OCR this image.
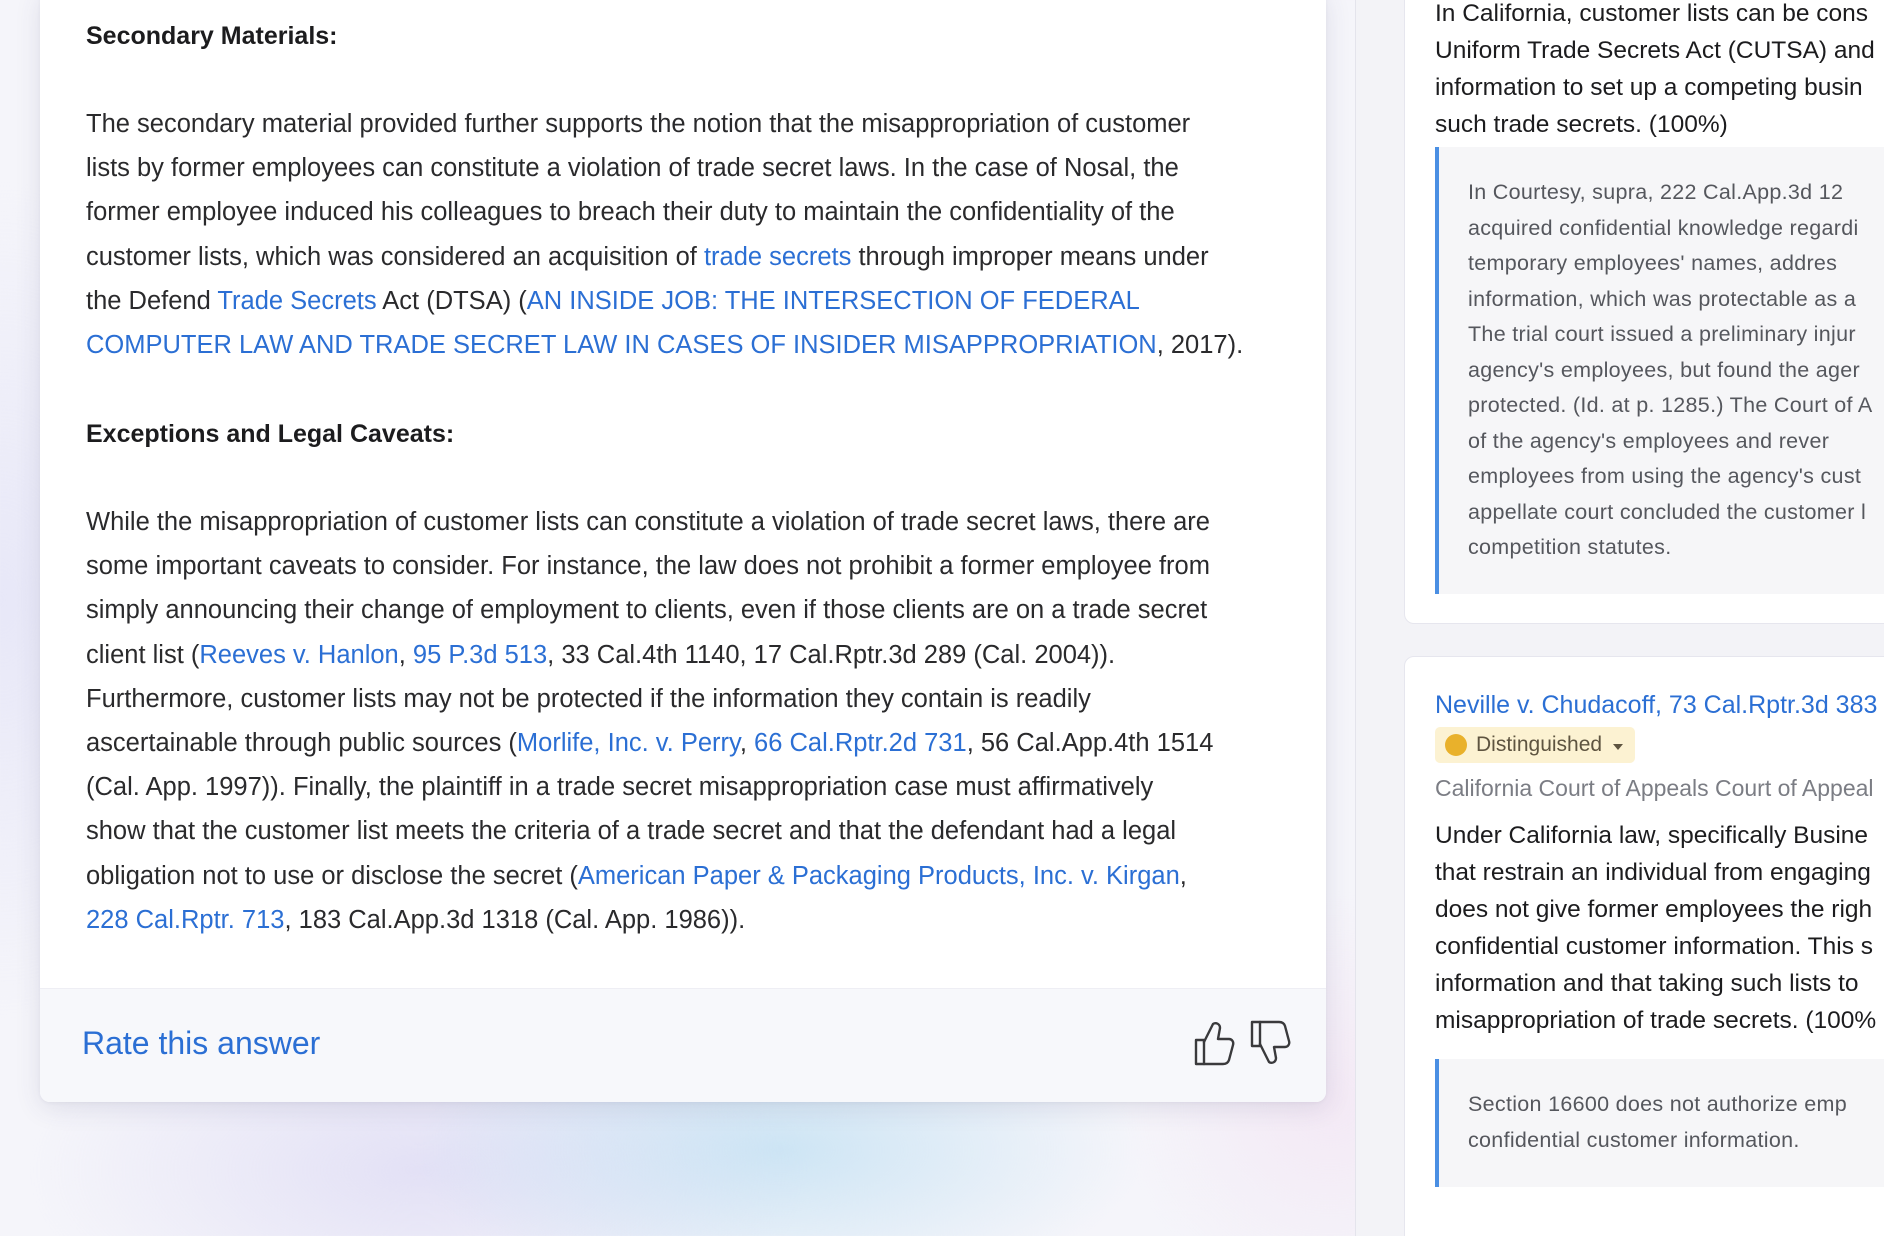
Secondary Materials:
The secondary material provided further supports the notion that the misappropriation of customer
lists by former employees can constitute a violation of trade secret laws. In the case of Nosal, the
former employee induced his colleagues to breach their duty to maintain the confidentiality of the
customer lists, which was considered an acquisition of trade secrets through improper means under
the Defend Trade Secrets Act (DTSA) (AN INSIDE JOB: THE INTERSECTION OF FEDERAL
COMPUTER LAW AND TRADE SECRET LAW IN CASES OF INSIDER MISAPPROPRIATION, 2017).
Exceptions and Legal Caveats:
While the misappropriation of customer lists can constitute a violation of trade secret laws, there are
some important caveats to consider. For instance, the law does not prohibit a former employee from
simply announcing their change of employment to clients, even if those clients are on a trade secret
client list (Reeves v. Hanlon, 95 P.3d 513, 33 Cal.4th 1140, 17 Cal.Rptr.3d 289 (Cal. 2004)).
Furthermore, customer lists may not be protected if the information they contain is readily
ascertainable through public sources (Morlife, Inc. v. Perry, 66 Cal.Rptr.2d 731, 56 Cal.App.4th 1514
(Cal. App. 1997)). Finally, the plaintiff in a trade secret misappropriation case must affirmatively
show that the customer list meets the criteria of a trade secret and that the defendant had a legal
obligation not to use or disclose the secret (American Paper & Packaging Products, Inc. v. Kirgan,
228 Cal.Rptr. 713, 183 Cal.App.3d 1318 (Cal. App. 1986)).
Rate this answer
In California, customer lists can be cons
Uniform Trade Secrets Act (CUTSA) and
information to set up a competing busin
such trade secrets. (100%)
In Courtesy, supra, 222 Cal.App.3d 12
acquired confidential knowledge regardi
temporary employees' names, addres
information, which was protectable as a
The trial court issued a preliminary injur
agency's employees, but found the ager
protected. (Id. at p. 1285.) The Court of A
of the agency's employees and rever
employees from using the agency's cust
appellate court concluded the customer l
competition statutes.
Neville v. Chudacoff, 73 Cal.Rptr.3d 383
Distinguished
California Court of Appeals Court of Appeal
Under California law, specifically Busine
that restrain an individual from engaging
does not give former employees the righ
confidential customer information. This s
information and that taking such lists to
misappropriation of trade secrets. (100%
Section 16600 does not authorize emp
confidential customer information.
